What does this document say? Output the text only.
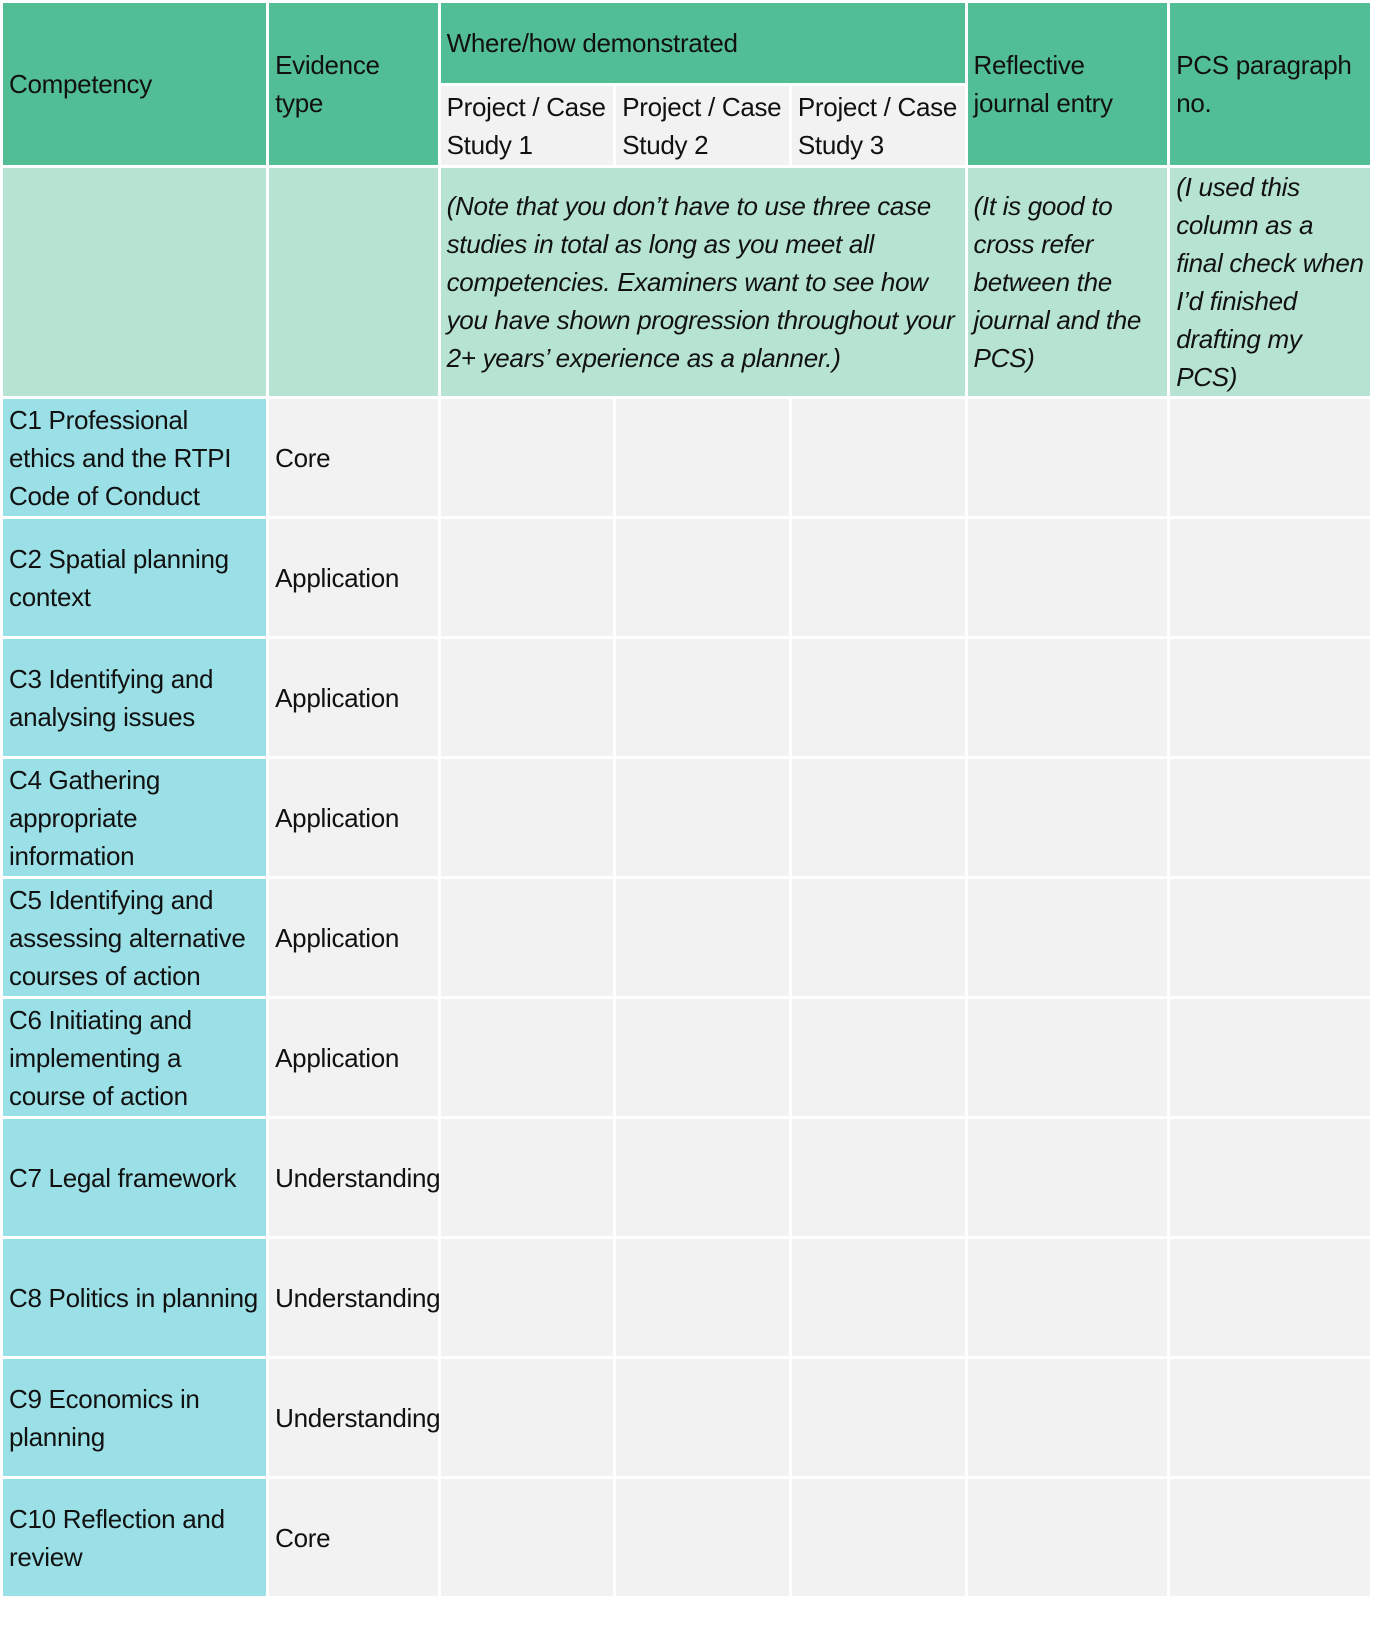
Competency	Evidence type	Where/how demonstrated			Reflective journal entry	PCS paragraph no.
		Project / Case Study 1	Project / Case Study 2	Project / Case Study 3		
		(Note that you don’t have to use three case studies in total as long as you meet all competencies. Examiners want to see how you have shown progression throughout your 2+ years’ experience as a planner.)			(It is good to cross refer between the journal and the PCS)	(I used this column as a final check when I’d finished drafting my PCS)
C1 Professional ethics and the RTPI Code of Conduct	Core					
C2 Spatial planning context	Application					
C3 Identifying and analysing issues	Application					
C4 Gathering appropriate information	Application					
C5 Identifying and assessing alternative courses of action	Application					
C6 Initiating and implementing a course of action	Application					
C7 Legal framework	Understanding					
C8 Politics in planning	Understanding					
C9 Economics in planning	Understanding					
C10 Reflection and review	Core					
